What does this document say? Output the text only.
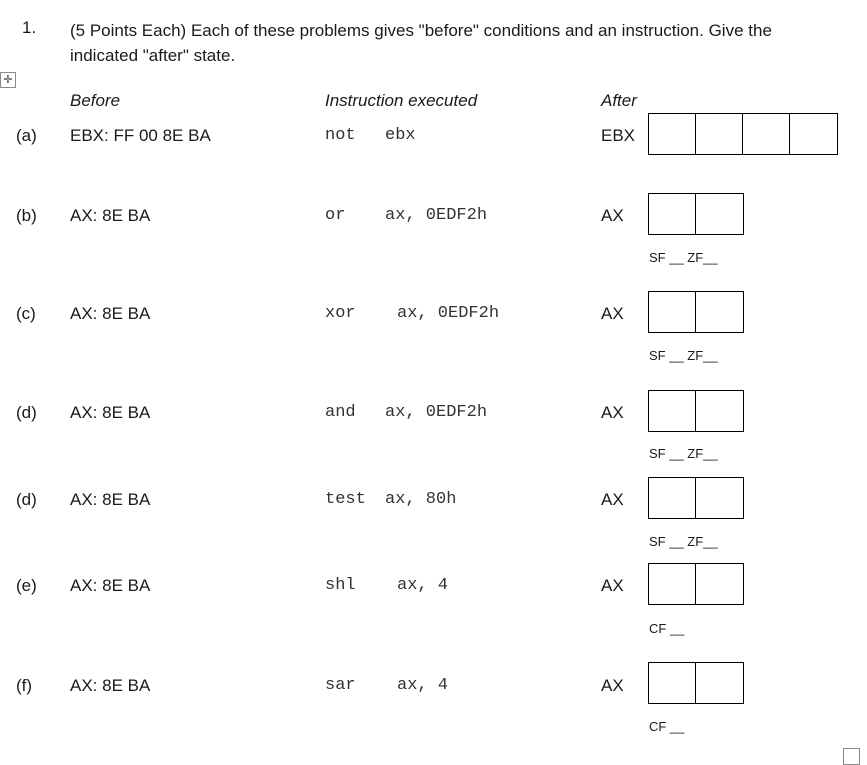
1. (5 Points Each) Each of these problems gives "before" conditions and an instruction. Give the indicated "after" state.
✛
Before	Instruction executed	After
(a) EBX: FF 00 8E BA	not ebx	EBX
(b) AX: 8E BA	or ax, 0EDF2h	AX
SF __ ZF__
(c) AX: 8E BA	xor ax, 0EDF2h	AX
SF __ ZF__
(d) AX: 8E BA	and ax, 0EDF2h	AX
SF __ ZF__
(d) AX: 8E BA	test ax, 80h	AX
SF __ ZF__
(e) AX: 8E BA	shl ax, 4	AX
CF __
(f) AX: 8E BA	sar ax, 4	AX
CF __
